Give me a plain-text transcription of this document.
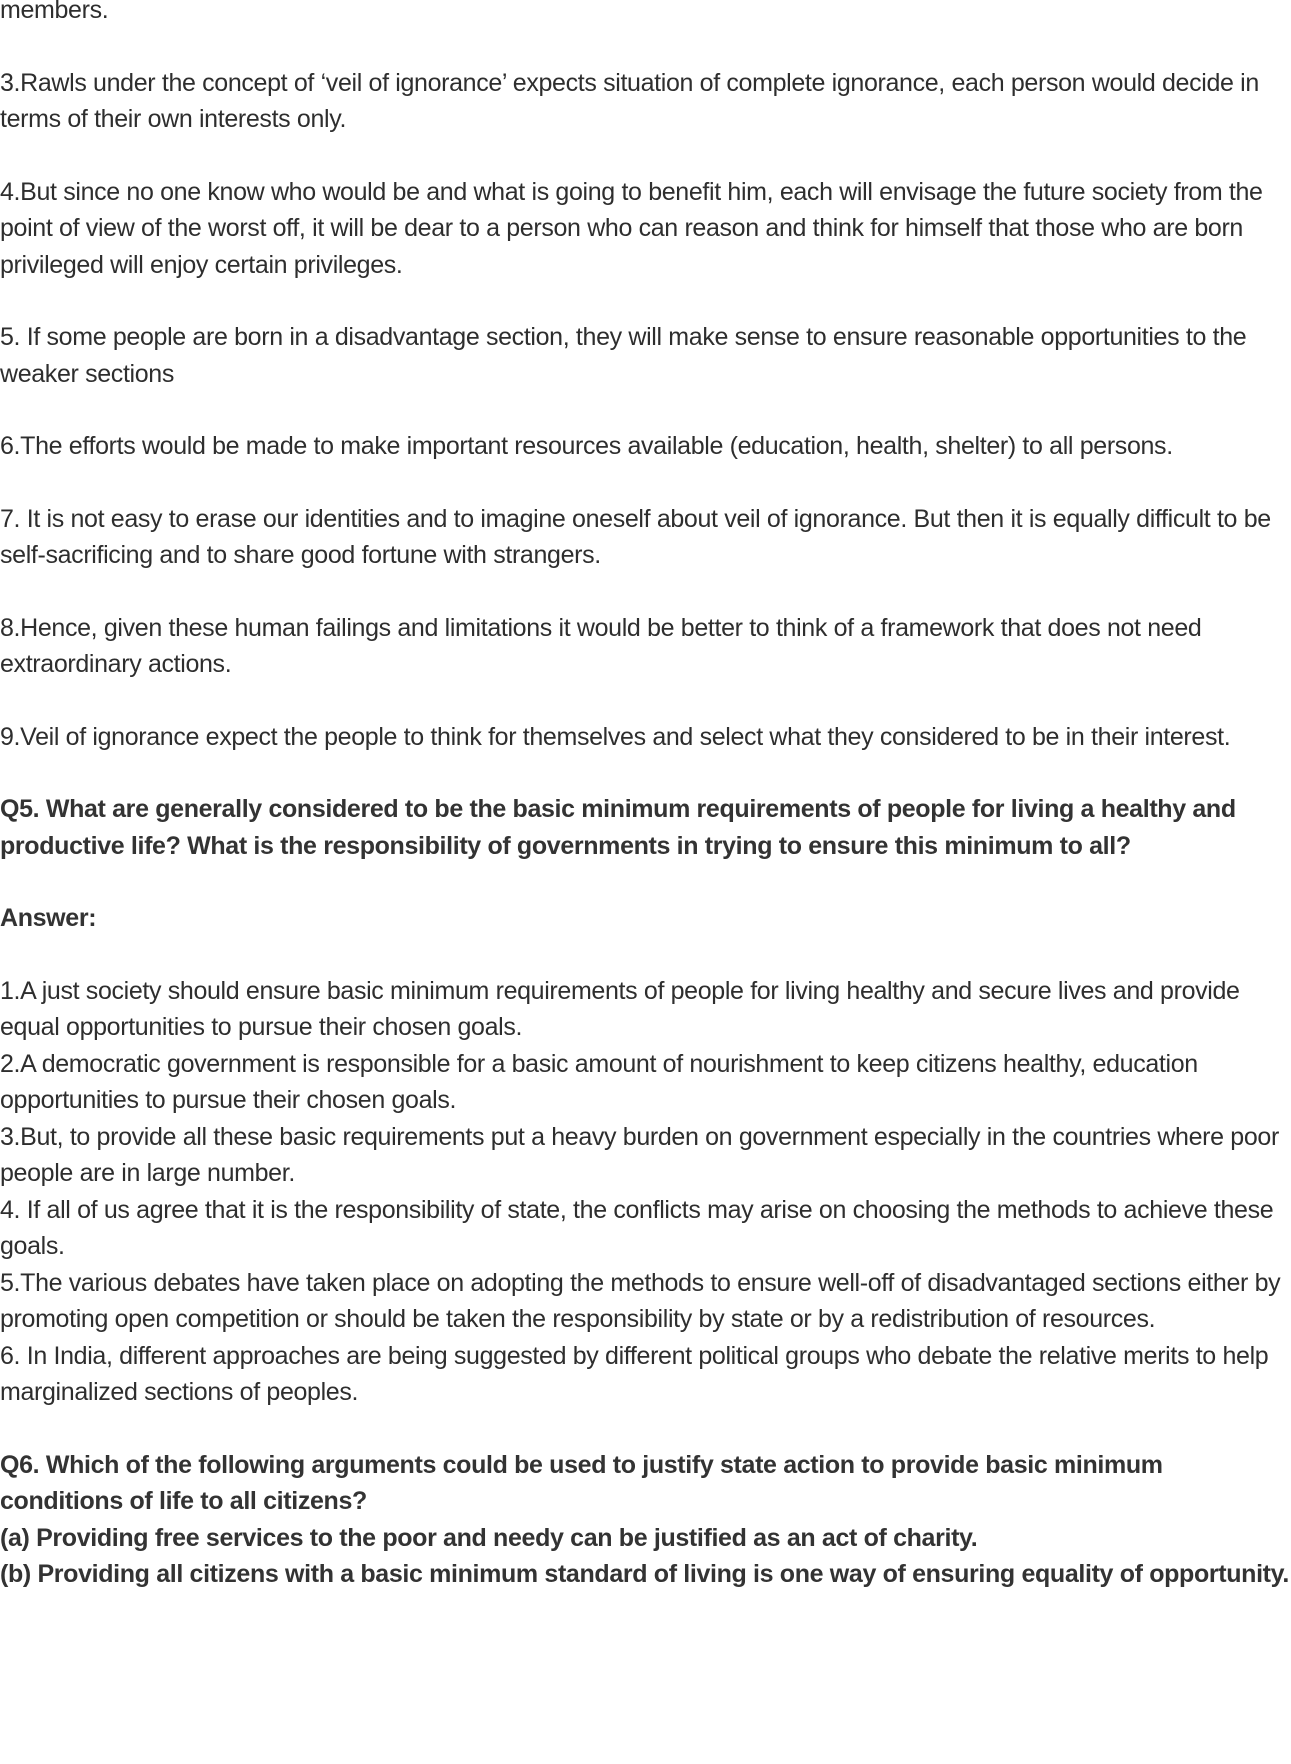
members.

3.Rawls under the concept of ‘veil of ignorance’ expects situation of complete ignorance, each person would decide in terms of their own interests only.

4.But since no one know who would be and what is going to benefit him, each will envisage the future society from the point of view of the worst off, it will be dear to a person who can reason and think for himself that those who are born privileged will enjoy certain privileges.

5. If some people are born in a disadvantage section, they will make sense to ensure reasonable opportunities to the weaker sections

6.The efforts would be made to make important resources available (education, health, shelter) to all persons.

7. It is not easy to erase our identities and to imagine oneself about veil of ignorance. But then it is equally difficult to be self-sacrificing and to share good fortune with strangers.

8.Hence, given these human failings and limitations it would be better to think of a framework that does not need extraordinary actions.

9.Veil of ignorance expect the people to think for themselves and select what they considered to be in their interest.

Q5. What are generally considered to be the basic minimum requirements of people for living a healthy and productive life? What is the responsibility of governments in trying to ensure this minimum to all?

Answer:

1.A just society should ensure basic minimum requirements of people for living healthy and secure lives and provide equal opportunities to pursue their chosen goals.

2.A democratic government is responsible for a basic amount of nourishment to keep citizens healthy, education opportunities to pursue their chosen goals.

3.But, to provide all these basic requirements put a heavy burden on government especially in the countries where poor people are in large number.

4. If all of us agree that it is the responsibility of state, the conflicts may arise on choosing the methods to achieve these goals.

5.The various debates have taken place on adopting the methods to ensure well-off of disadvantaged sections either by promoting open competition or should be taken the responsibility by state or by a redistribution of resources.

6. In India, different approaches are being suggested by different political groups who debate the relative merits to help marginalized sections of peoples.

Q6. Which of the following arguments could be used to justify state action to provide basic minimum conditions of life to all citizens?

(a) Providing free services to the poor and needy can be justified as an act of charity.

(b) Providing all citizens with a basic minimum standard of living is one way of ensuring equality of opportunity.
